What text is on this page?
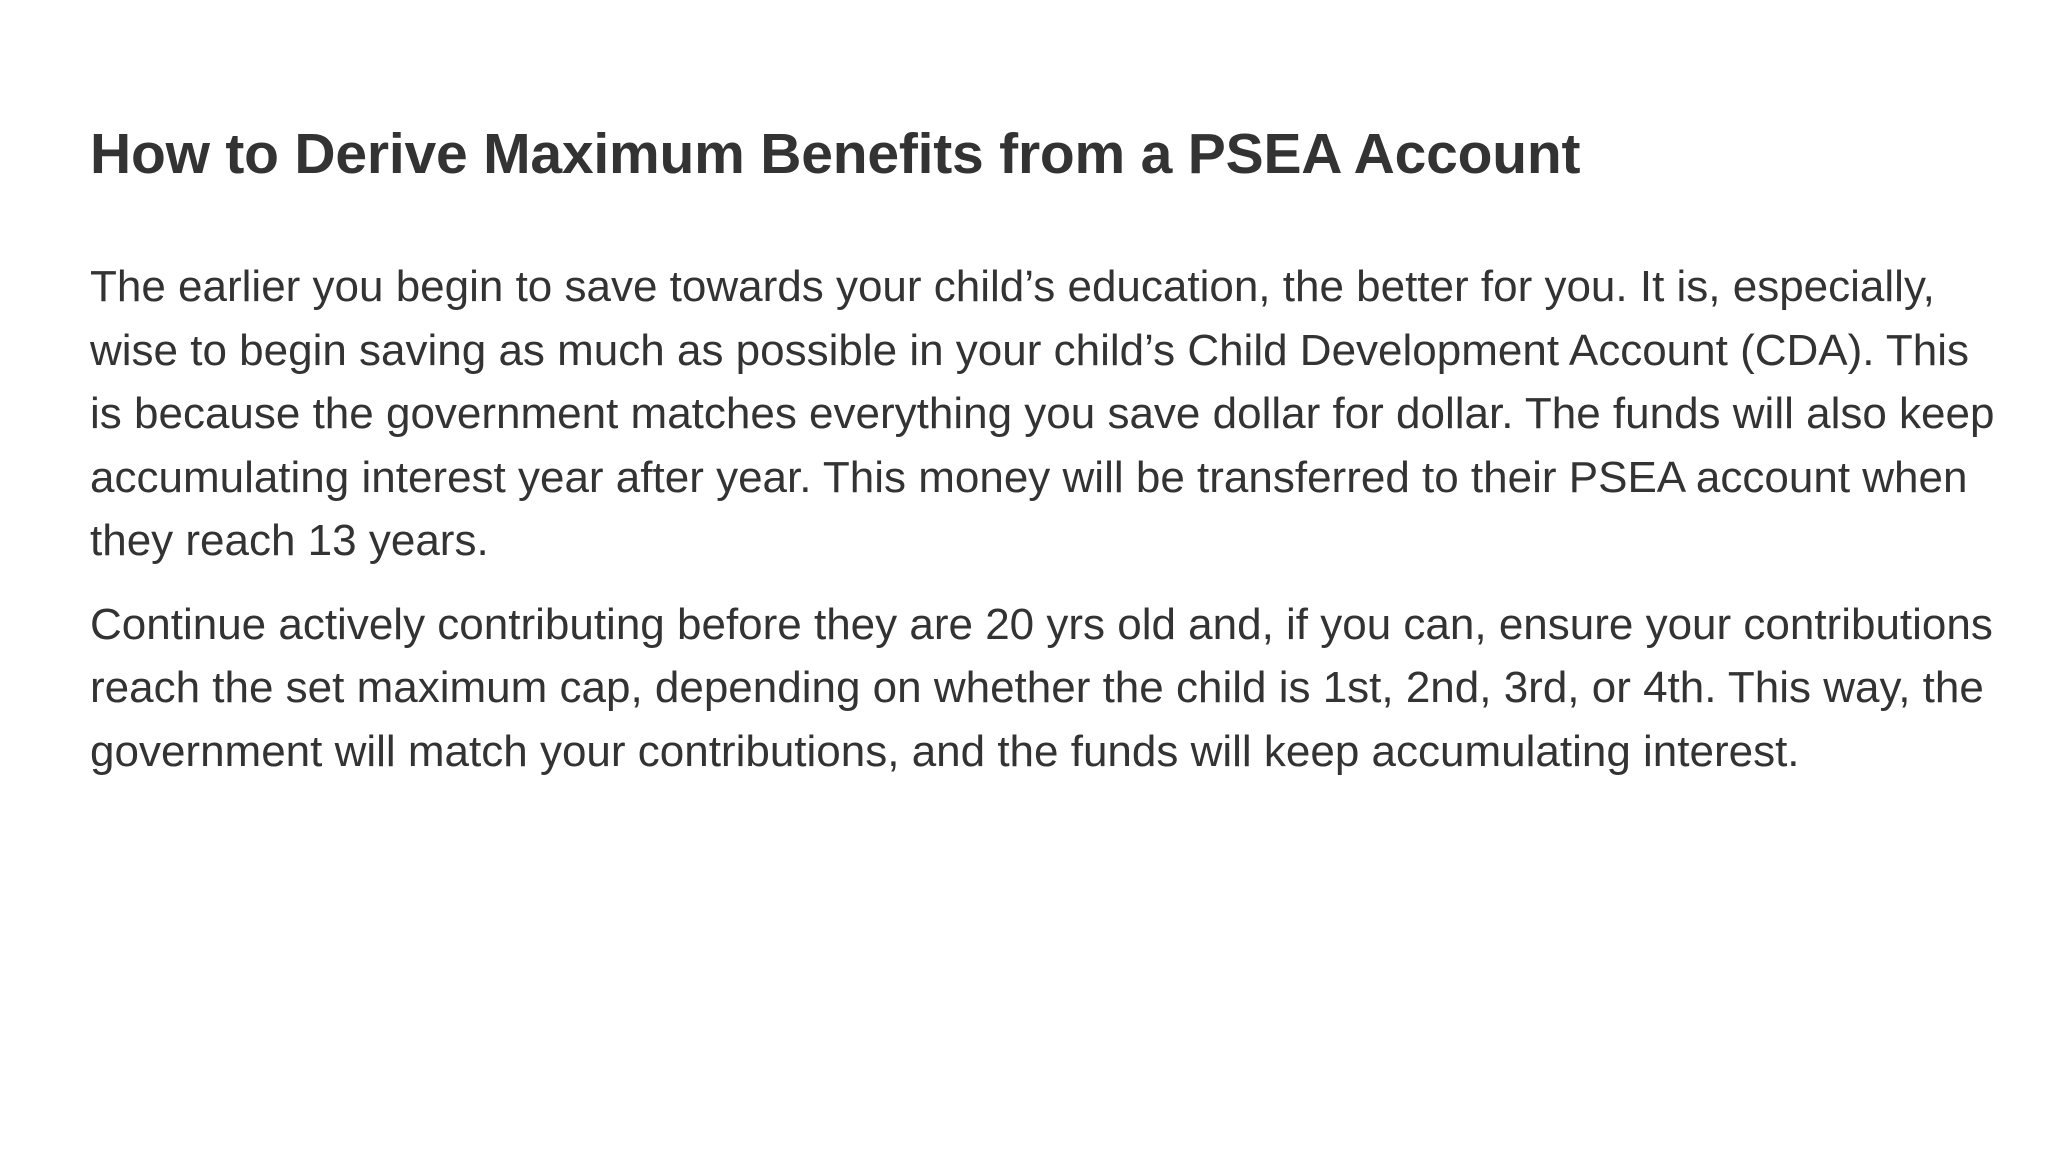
How to Derive Maximum Benefits from a PSEA Account

The earlier you begin to save towards your child’s education, the better for you. It is, especially, wise to begin saving as much as possible in your child’s Child Development Account (CDA). This is because the government matches everything you save dollar for dollar. The funds will also keep accumulating interest year after year. This money will be transferred to their PSEA account when they reach 13 years.

Continue actively contributing before they are 20 yrs old and, if you can, ensure your contributions reach the set maximum cap, depending on whether the child is 1st, 2nd, 3rd, or 4th. This way, the government will match your contributions, and the funds will keep accumulating interest.
